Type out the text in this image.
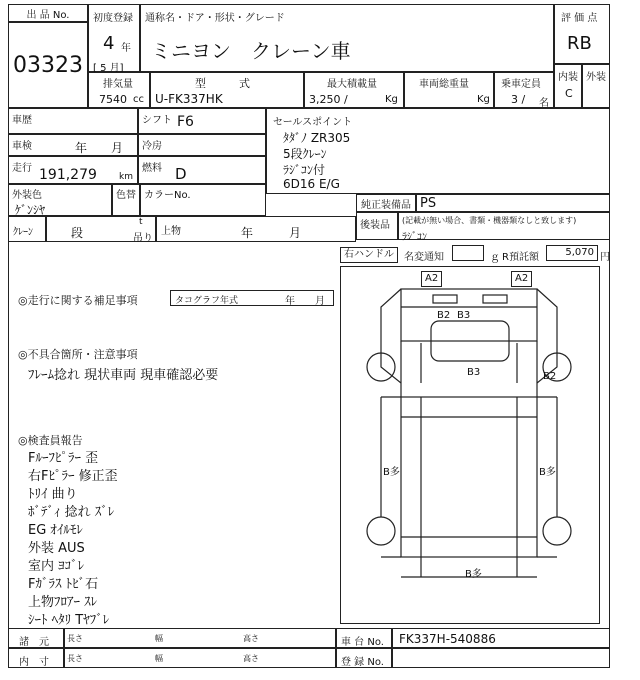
出 品 No.
03323
初度登録
4 年
[ 5 月]
通称名・ドア・形状・グレード
ミニヨン　クレーン車
評 価 点
RB
内装
C
外装
排気量
7540 cc
型　　　式
U-FK337HK
最大積載量
3,250 /	Kg
車両総重量
Kg
乗車定員
3 / 名
車歴	シフト F6
車検	年　　月 冷房
走行 191,279 km
燃料 D
外装色
ｹﾞﾝｼﾔ
色替 カラーNo.
セールスポイント
ﾀﾀﾞﾉ ZR305
5段ｸﾚｰﾝ
ﾗｼﾞｺﾝ付
6D16 E/G
純正装備品 PS
後装品 (記載が無い場合、書類・機器類なしと致します)
ﾗｼﾞｺﾝ
ｸﾚｰﾝ	段
t
吊り
上物	年　　　月
右ハンドル	名変通知	ｇ R預託額	5,070 円
◎走行に関する補足事項	タコグラフ年式	年　　月
◎不具合箇所・注意事項
ﾌﾚｰﾑ捻れ 現状車両 現車確認必要
◎検査員報告
Fﾙｰﾌﾋﾟﾗｰ 歪
右Fﾋﾟﾗｰ 修正歪
ﾄﾘｲ 曲り
ﾎﾞﾃﾞｨ 捻れ ｽﾞﾚ
EG ｵｲﾙﾓﾚ
外装 AUS
室内 ﾖｺﾞﾚ
Fｶﾞﾗｽ ﾄﾋﾞ石
上物ﾌﾛｱｰ ｽﾚ
ｼｰﾄ ﾍﾀﾘ Tﾔﾌﾞﾚ
A2	A2
B2 B3
B3	B2
B多	B多
B多
諸　元 長さ	幅	高さ
内　寸 長さ	幅	高さ
車 台 No. FK337H-540886
登 録 No.
